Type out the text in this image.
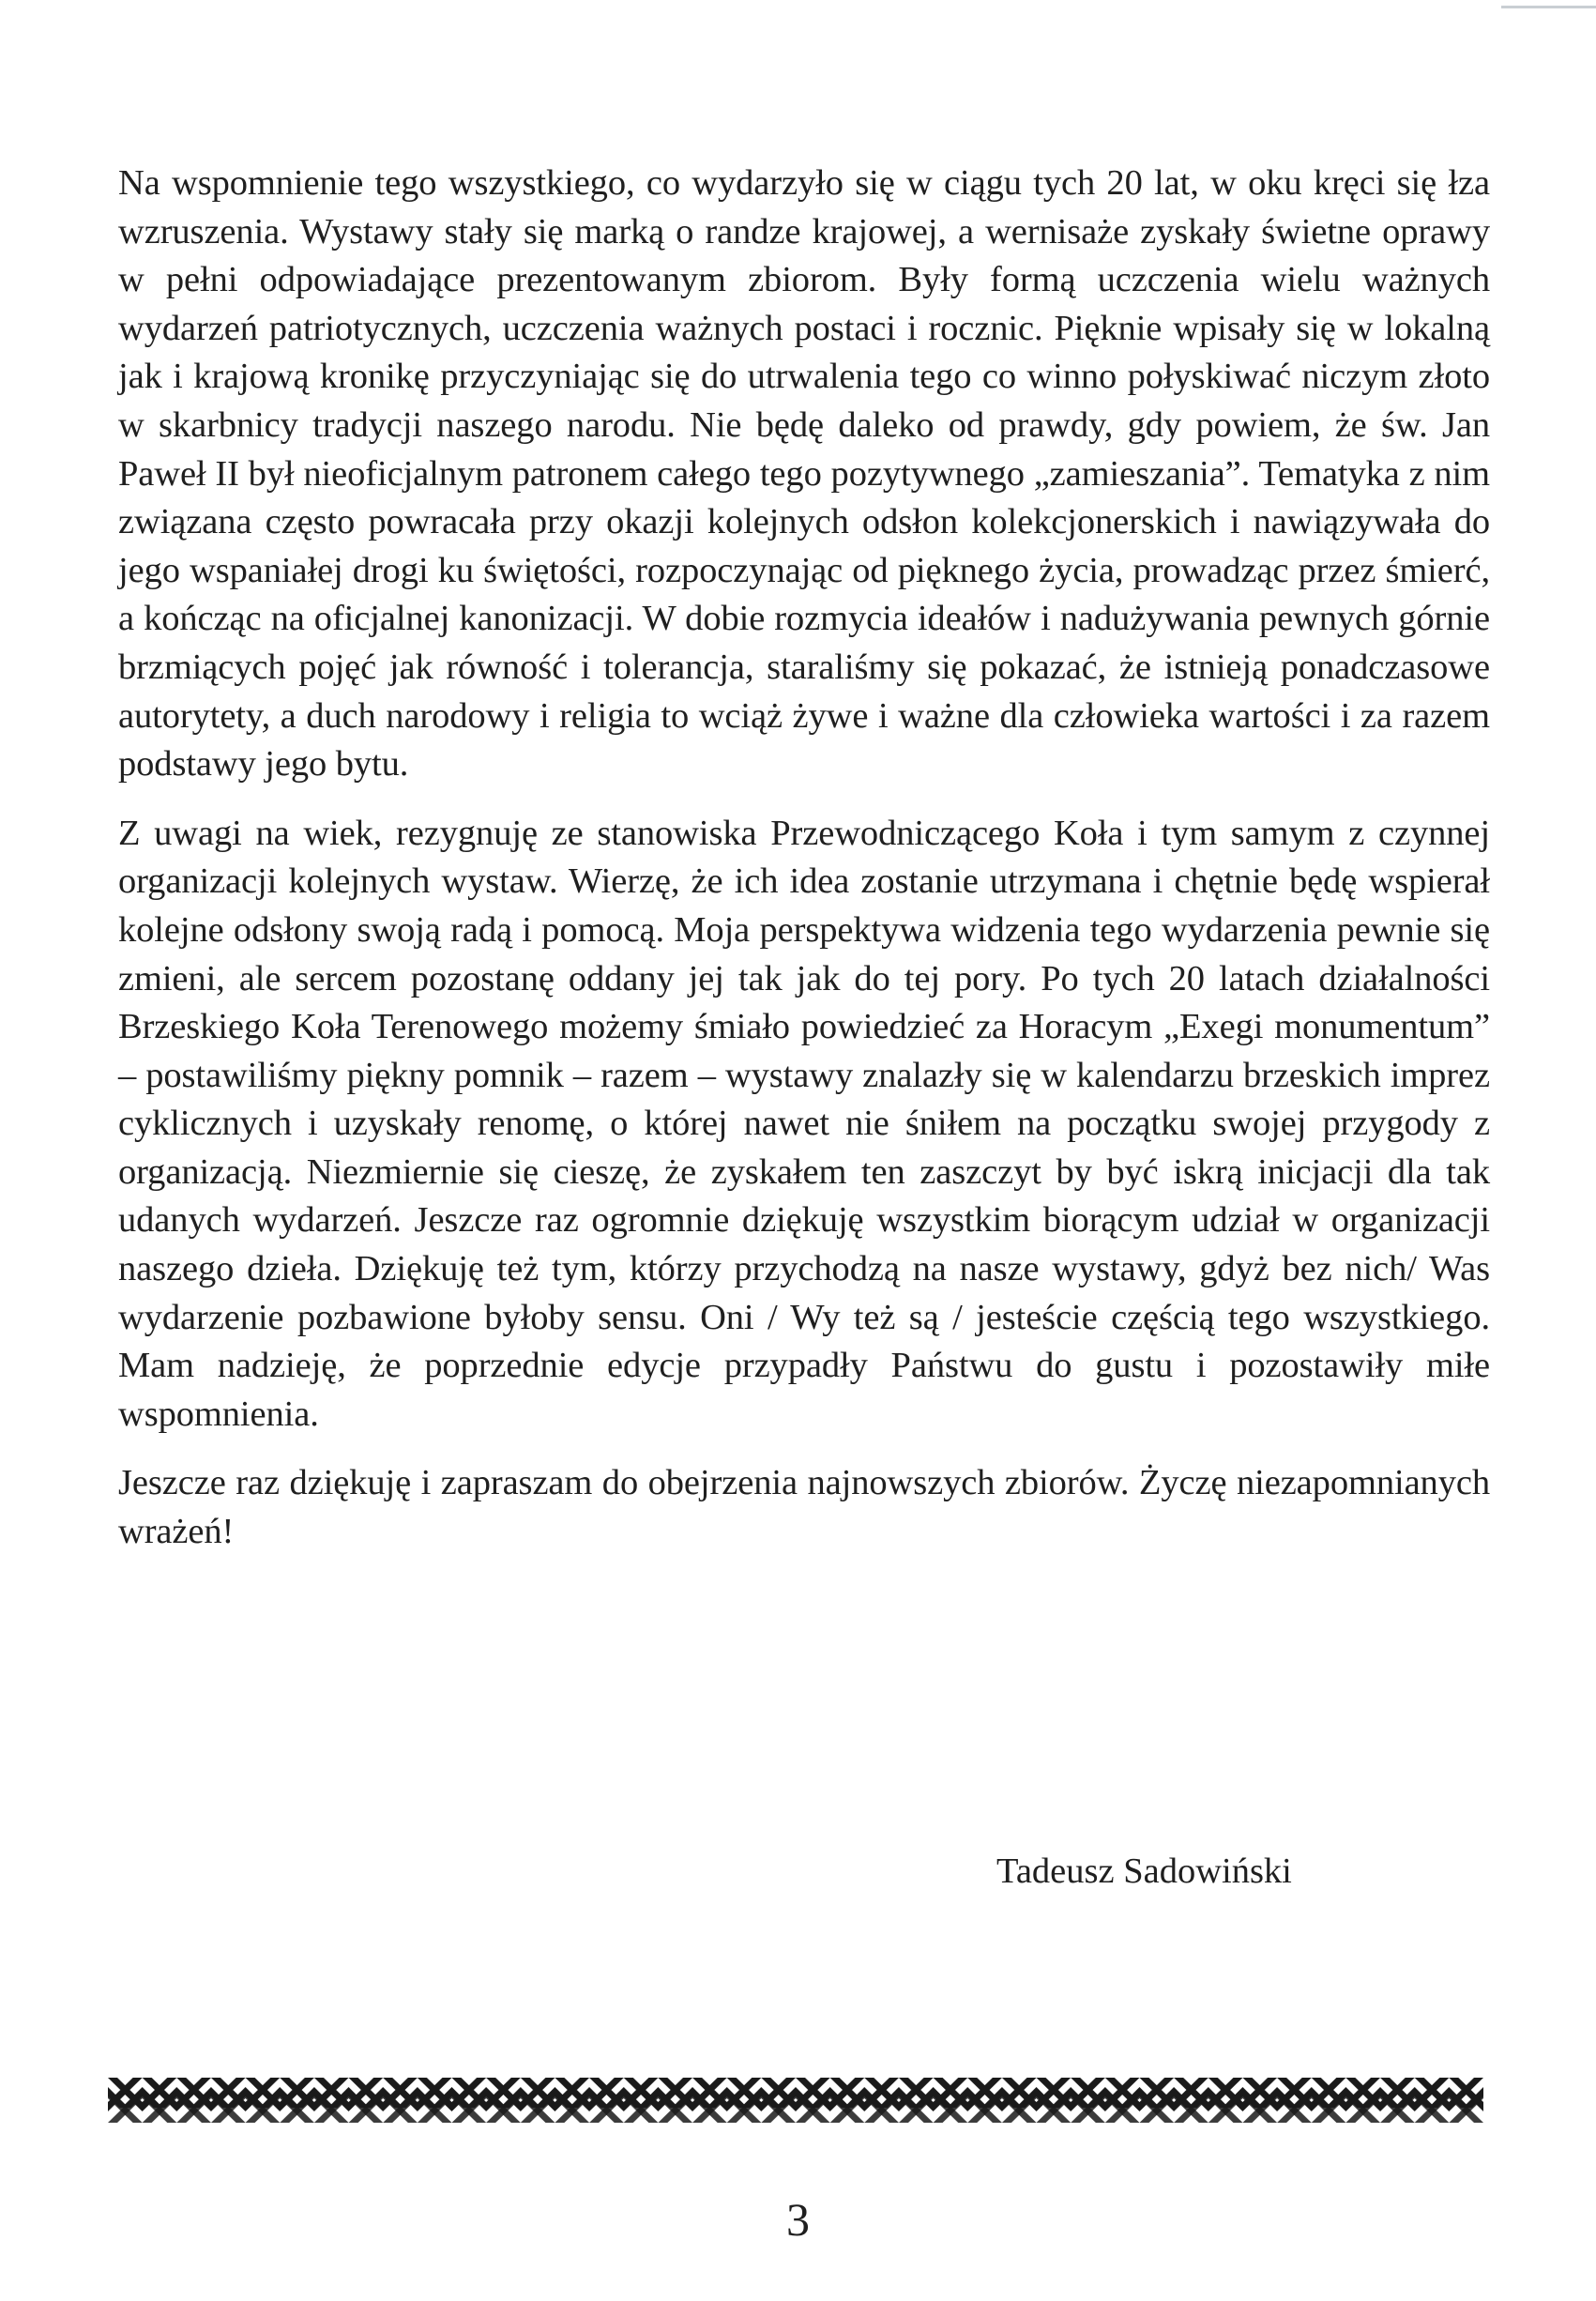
Na wspomnienie tego wszystkiego, co wydarzyło się w ciągu tych 20 lat, w oku kręci się łza wzruszenia. Wystawy stały się marką o randze krajowej, a wernisaże zyskały świetne oprawy w pełni odpowiadające prezentowanym zbiorom. Były formą uczczenia wielu ważnych wydarzeń patriotycznych, uczczenia ważnych postaci i rocznic. Pięknie wpisały się w lokalną jak i krajową kronikę przyczyniając się do utrwalenia tego co winno połyskiwać niczym złoto w skarbnicy tradycji naszego narodu. Nie będę daleko od prawdy, gdy powiem, że św. Jan Paweł II był nieoficjalnym patronem całego tego pozytywnego „zamieszania”. Tematyka z nim związana często powracała przy okazji kolejnych odsłon kolekcjonerskich i nawiązywała do jego wspaniałej drogi ku świętości, rozpoczynając od pięknego życia, prowadząc przez śmierć, a kończąc na oficjalnej kanonizacji. W dobie rozmycia ideałów i nadużywania pewnych górnie brzmiących pojęć jak równość i tolerancja, staraliśmy się pokazać, że istnieją ponadczasowe autorytety, a duch narodowy i religia to wciąż żywe i ważne dla człowieka wartości i za razem podstawy jego bytu.

Z uwagi na wiek, rezygnuję ze stanowiska Przewodniczącego Koła i tym samym z czynnej organizacji kolejnych wystaw. Wierzę, że ich idea zostanie utrzymana i chętnie będę wspierał kolejne odsłony swoją radą i pomocą. Moja perspektywa widzenia tego wydarzenia pewnie się zmieni, ale sercem pozostanę oddany jej tak jak do tej pory. Po tych 20 latach działalności Brzeskiego Koła Terenowego możemy śmiało powiedzieć za Horacym „Exegi monumentum” – postawiliśmy piękny pomnik – razem – wystawy znalazły się w kalendarzu brzeskich imprez cyklicznych i uzyskały renomę, o której nawet nie śniłem na początku swojej przygody z organizacją. Niezmiernie się cieszę, że zyskałem ten zaszczyt by być iskrą inicjacji dla tak udanych wydarzeń. Jeszcze raz ogromnie dziękuję wszystkim biorącym udział w organizacji naszego dzieła. Dziękuję też tym, którzy przychodzą na nasze wystawy, gdyż bez nich/ Was wydarzenie pozbawione byłoby sensu. Oni / Wy też są / jesteście częścią tego wszystkiego. Mam nadzieję, że poprzednie edycje przypadły Państwu do gustu i pozostawiły miłe wspomnienia.

Jeszcze raz dziękuję i zapraszam do obejrzenia najnowszych zbiorów. Życzę niezapomnianych wrażeń!

Tadeusz Sadowiński
3
